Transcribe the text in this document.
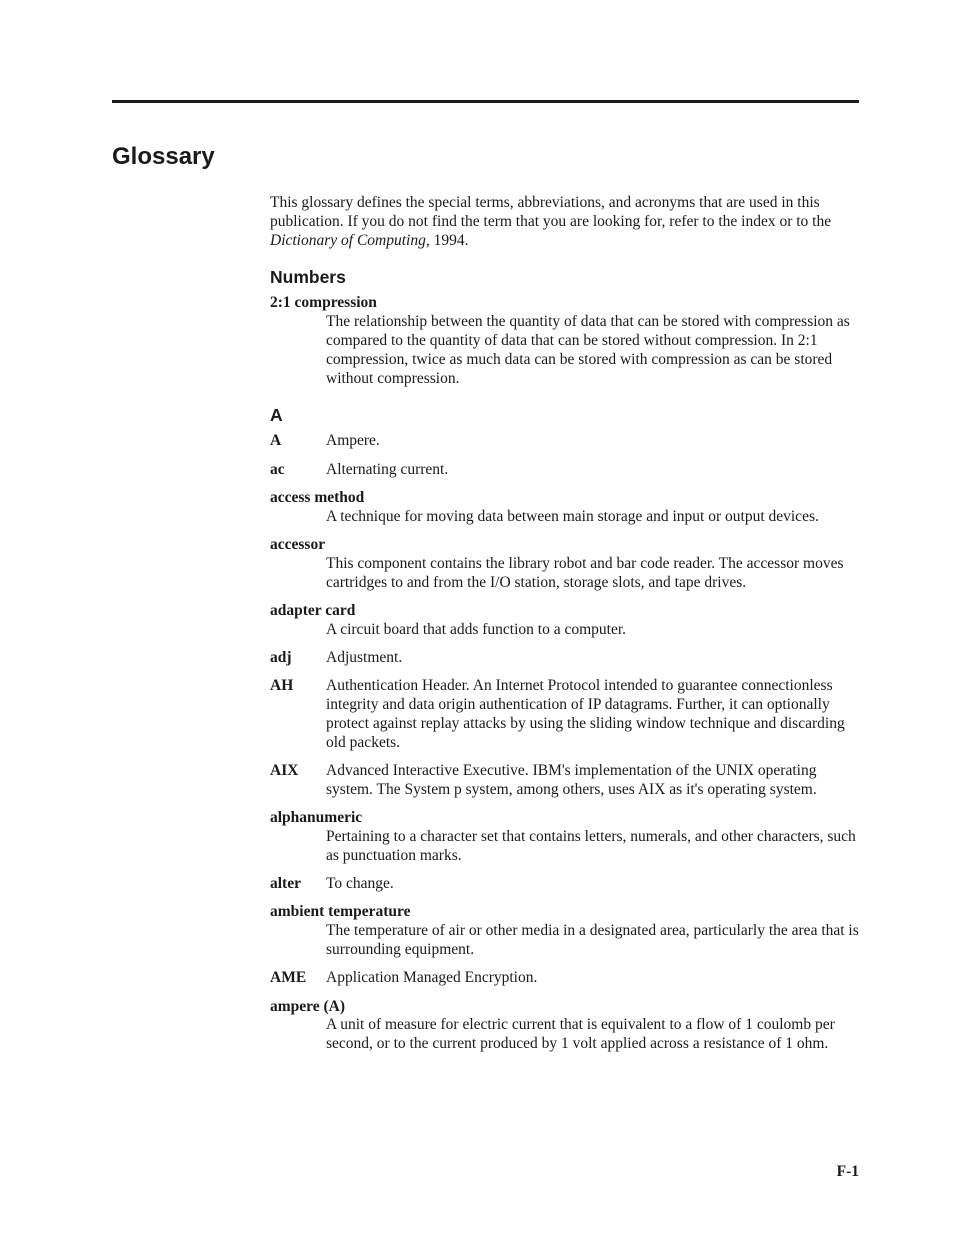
Glossary

This glossary defines the special terms, abbreviations, and acronyms that are used in this publication. If you do not find the term that you are looking for, refer to the index or to the Dictionary of Computing, 1994.

Numbers
2:1 compression
The relationship between the quantity of data that can be stored with compression as compared to the quantity of data that can be stored without compression. In 2:1 compression, twice as much data can be stored with compression as can be stored without compression.
A
A	Ampere.
ac	Alternating current.
access method
A technique for moving data between main storage and input or output devices.
accessor
This component contains the library robot and bar code reader. The accessor moves cartridges to and from the I/O station, storage slots, and tape drives.
adapter card
A circuit board that adds function to a computer.
adj	Adjustment.
AH	Authentication Header. An Internet Protocol intended to guarantee connectionless integrity and data origin authentication of IP datagrams. Further, it can optionally protect against replay attacks by using the sliding window technique and discarding old packets.
AIX	Advanced Interactive Executive. IBM's implementation of the UNIX operating system. The System p system, among others, uses AIX as it's operating system.
alphanumeric
Pertaining to a character set that contains letters, numerals, and other characters, such as punctuation marks.
alter	To change.
ambient temperature
The temperature of air or other media in a designated area, particularly the area that is surrounding equipment.
AME	Application Managed Encryption.
ampere (A)
A unit of measure for electric current that is equivalent to a flow of 1 coulomb per second, or to the current produced by 1 volt applied across a resistance of 1 ohm.
F-1
